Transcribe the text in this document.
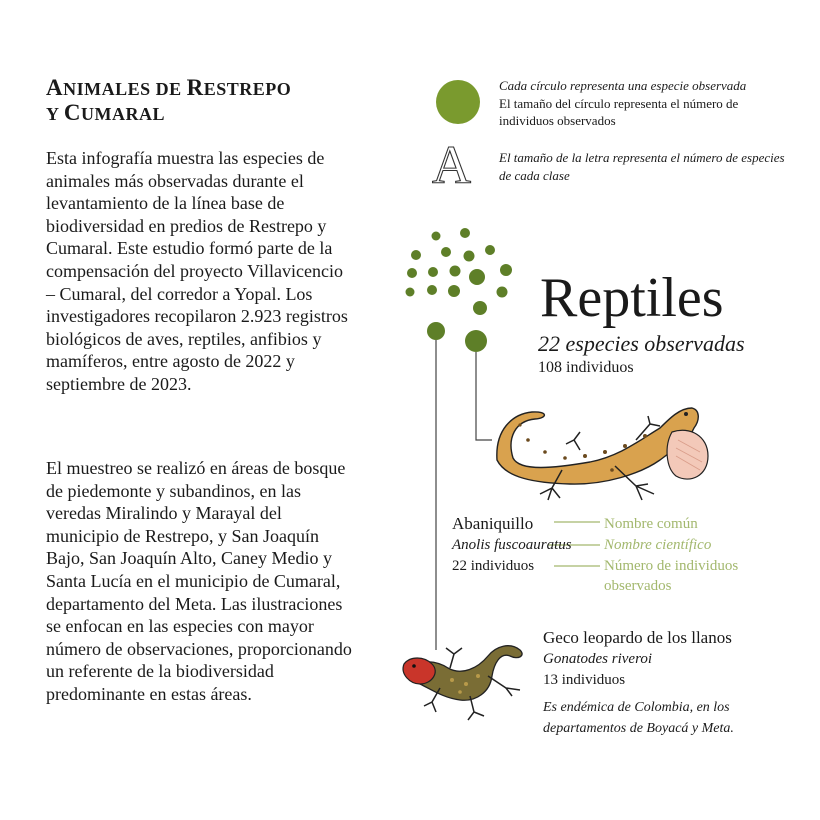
ANIMALES DE RESTREPO
Y CUMARAL

Esta infografía muestra las especies de animales más observadas durante el levantamiento de la línea base de biodiversidad en predios de Restrepo y Cumaral. Este estudio formó parte de la compensación del proyecto Villavicencio – Cumaral, del corredor a Yopal. Los investigadores recopilaron 2.923 registros biológicos de aves, reptiles, anfibios y mamíferos, entre agosto de 2022 y septiembre de 2023.

El muestreo se realizó en áreas de bosque de piedemonte y subandinos, en las veredas Miralindo y Marayal del municipio de Restrepo, y San Joaquín Bajo, San Joaquín Alto, Caney Medio y Santa Lucía en el municipio de Cumaral, departamento del Meta. Las ilustraciones se enfocan en las especies con mayor número de observaciones, proporcionando un referente de la biodiversidad predominante en estas áreas.

Cada círculo representa una especie observada
El tamaño del círculo representa el número de individuos observados
A El tamaño de la letra representa el número de especies de cada clase
Reptiles
22 especies observadas
108 individuos
Abaniquillo
Anolis fuscoauratus
22 individuos
Nombre común
Nombre científico
Número de individuos observados
Geco leopardo de los llanos
Gonatodes riveroi
13 individuos
Es endémica de Colombia, en los departamentos de Boyacá y Meta.
